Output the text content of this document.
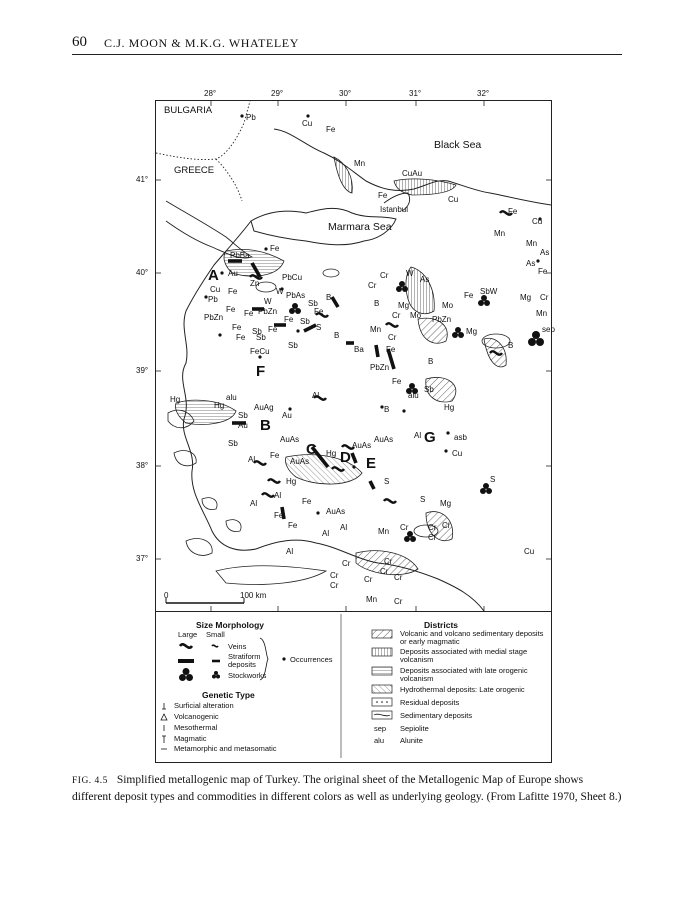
60 C.J. MOON & M.K.G. WHATELEY
28°	29°	30°	31°	32°
41°
40°
39°
38°
37°
BULGARIA
GREECE
Black Sea
Marmara Sea
Istanbul
A
B
C D E
F
G
0	100 km
Pb
Cu
Fe
Mn
CuAu
Fe	Cu
Fe
Cu
Mn
Mn
As
As
Fe
PbBa
Fe
Au
Zn
PbCu
Cu Fe	W PbAs
Pb	W	Sb
B
Fe Fe	Fe
PbZn
PbZn
Fe Sb
Fe Sb Fe
Sb
S
B
Fe Sb
FeCu	Ba
Cr W
As
Cr
B Mg	Mo
Fe SbW
Mg Cr
Mn
Cr Mo PbZn
Mg	sep
Mn
Cr
B
Fe
B
PbZn
Fe
Sb
alu
Hg
alu
Hg
Hg	AuAg
Au
Al
Sb
Au
B
Sb	AuAs	AuAs	Al	asb
AuAs
Cu
Al Fe
AuAs
Hg
Hg	S	S
S Mg
Al
Al	Fe
AuAs
Fe
Fe	Al
Al	Mn Cr Cr Cr
Cr
Al	Cu
Cr	Cr
Cr	Cr
Cr	Cr
Cr
Mn Cr
Size Morphology
Large Small
Veins
Stratiform deposits
Stockworks
Occurrences
Genetic Type
Surficial alteration
Volcanogenic
Mesothermal
Magmatic
Metamorphic and metasomatic
Districts
Volcanic and volcano sedimentary deposits or early magmatic
Deposits associated with medial stage volcanism
Deposits associated with late orogenic volcanism
Hydrothermal deposits: Late orogenic
Residual deposits
Sedimentary deposits
sep Sepiolite
alu Alunite
FIG. 4.5 Simplified metallogenic map of Turkey. The original sheet of the Metallogenic Map of Europe shows different deposit types and commodities in different colors as well as underlying geology. (From Lafitte 1970, Sheet 8.)
